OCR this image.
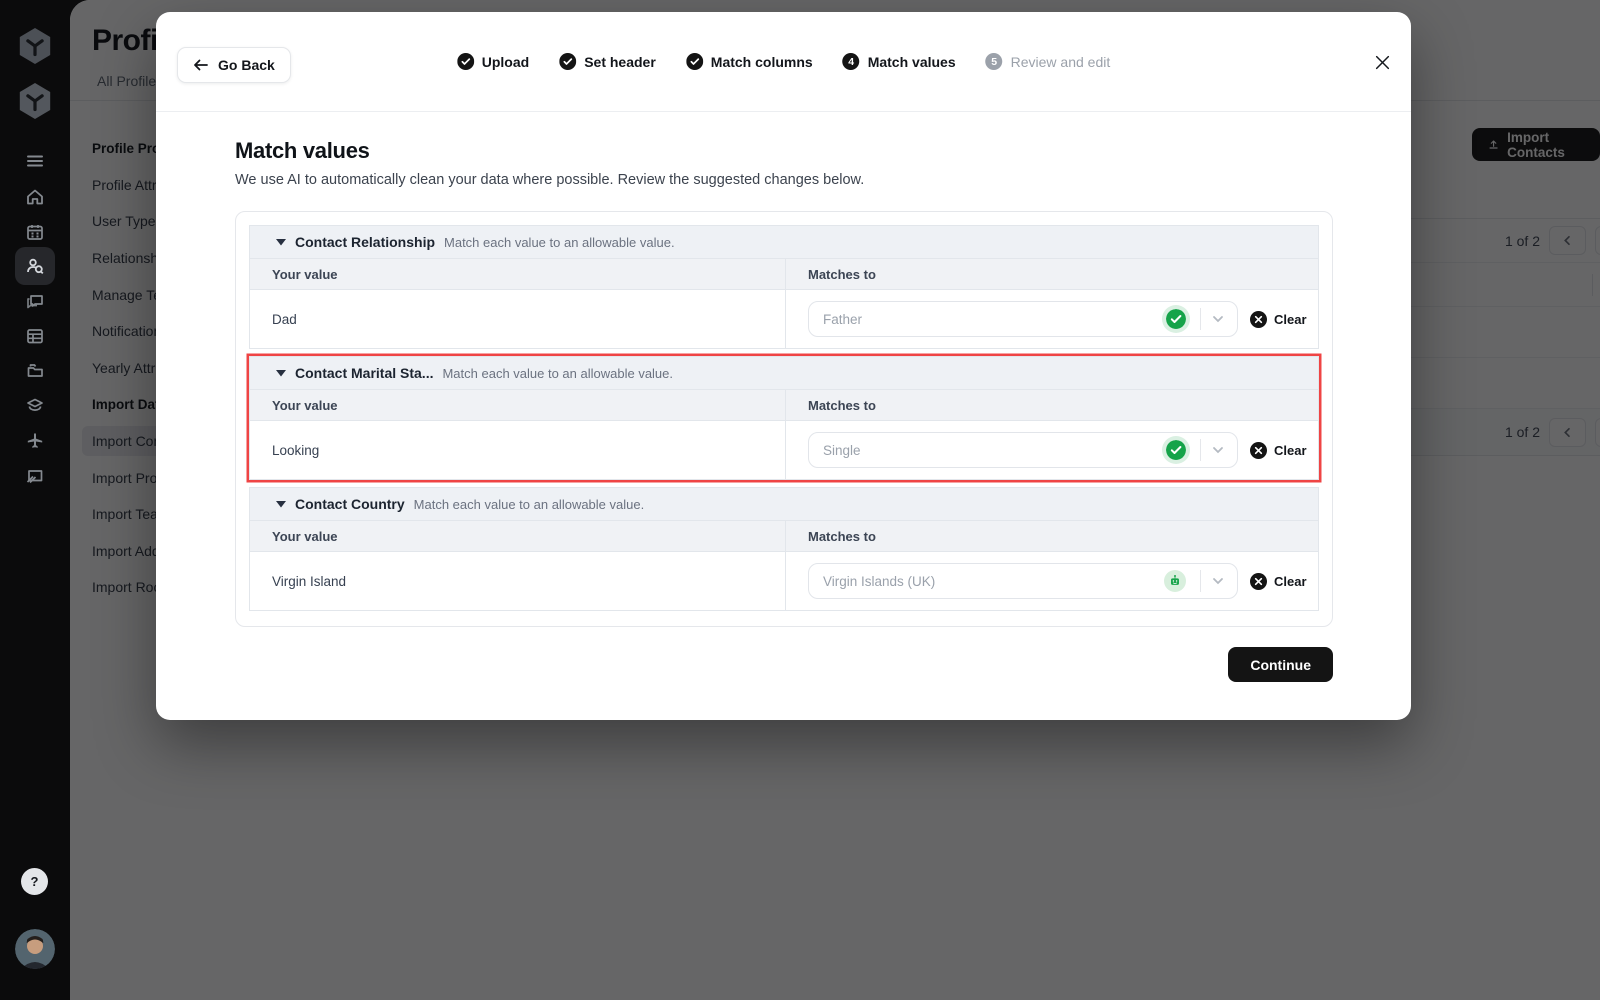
?
Go Back	Upload	Set header	Match columns	4 Match values	5 Review and edit
Match values
We use AI to automatically clean your data where possible. Review the suggested changes below.
Contact Relationship Match each value to an allowable value.
Your value	Matches to
Dad	Father	Clear
Contact Marital Sta... Match each value to an allowable value.
Your value	Matches to
Looking	Single	Clear
Contact Country Match each value to an allowable value.
Your value	Matches to
Virgin Island	Virgin Islands (UK)	Clear
Continue
